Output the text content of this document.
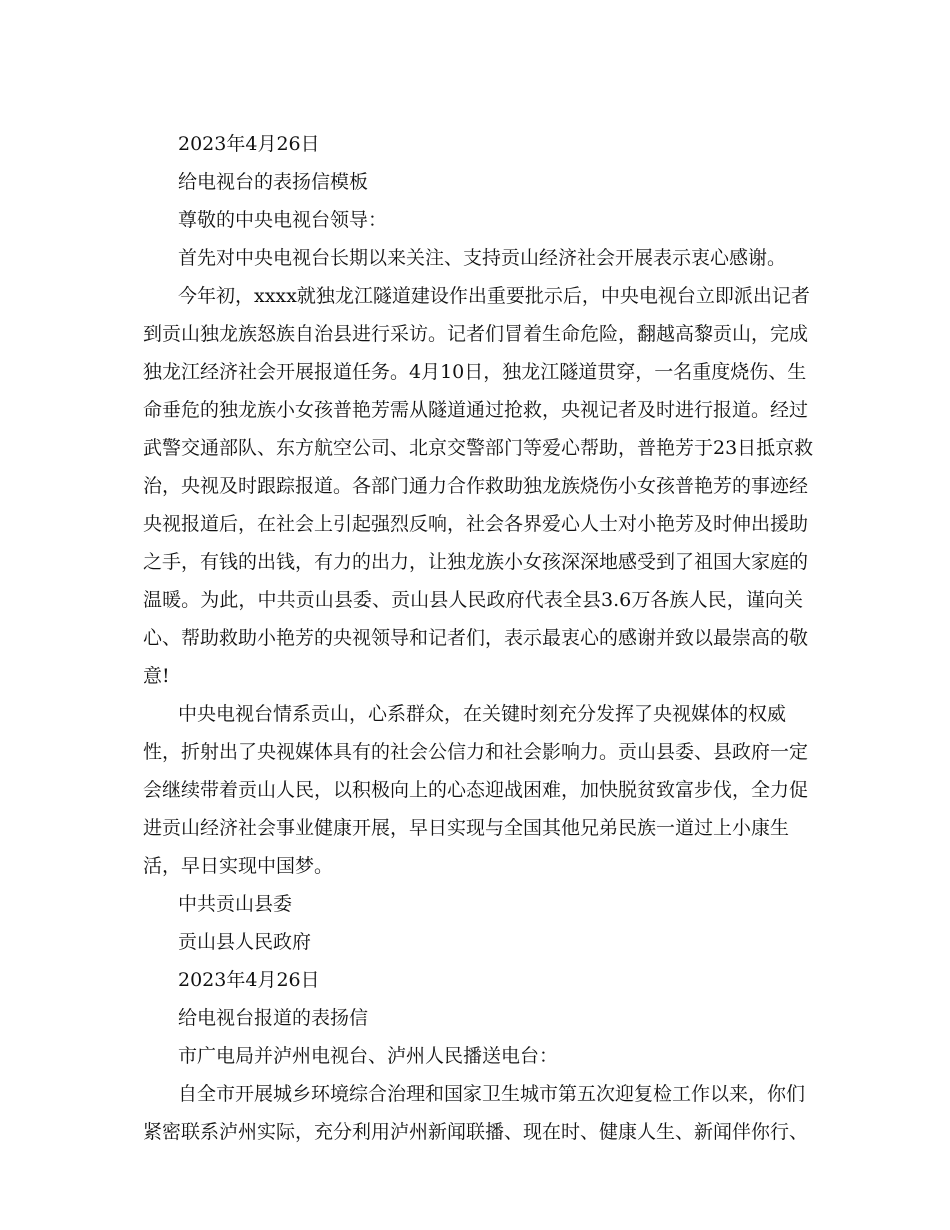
2023年4月26日
给电视台的表扬信模板
尊敬的中央电视台领导：
首先对中央电视台长期以来关注、支持贡山经济社会开展表示衷心感谢。
今年初，xxxx就独龙江隧道建设作出重要批示后，中央电视台立即派出记者
到贡山独龙族怒族自治县进行采访。记者们冒着生命危险，翻越高黎贡山，完成
独龙江经济社会开展报道任务。4月10日，独龙江隧道贯穿，一名重度烧伤、生
命垂危的独龙族小女孩普艳芳需从隧道通过抢救，央视记者及时进行报道。经过
武警交通部队、东方航空公司、北京交警部门等爱心帮助，普艳芳于23日抵京救
治，央视及时跟踪报道。各部门通力合作救助独龙族烧伤小女孩普艳芳的事迹经
央视报道后，在社会上引起强烈反响，社会各界爱心人士对小艳芳及时伸出援助
之手，有钱的出钱，有力的出力，让独龙族小女孩深深地感受到了祖国大家庭的
温暖。为此，中共贡山县委、贡山县人民政府代表全县3.6万各族人民，谨向关
心、帮助救助小艳芳的央视领导和记者们，表示最衷心的感谢并致以最崇高的敬
意!
中央电视台情系贡山，心系群众，在关键时刻充分发挥了央视媒体的权威
性，折射出了央视媒体具有的社会公信力和社会影响力。贡山县委、县政府一定
会继续带着贡山人民，以积极向上的心态迎战困难，加快脱贫致富步伐，全力促
进贡山经济社会事业健康开展，早日实现与全国其他兄弟民族一道过上小康生
活，早日实现中国梦。
中共贡山县委
贡山县人民政府
2023年4月26日
给电视台报道的表扬信
市广电局并泸州电视台、泸州人民播送电台：
自全市开展城乡环境综合治理和国家卫生城市第五次迎复检工作以来，你们
紧密联系泸州实际，充分利用泸州新闻联播、现在时、健康人生、新闻伴你行、
